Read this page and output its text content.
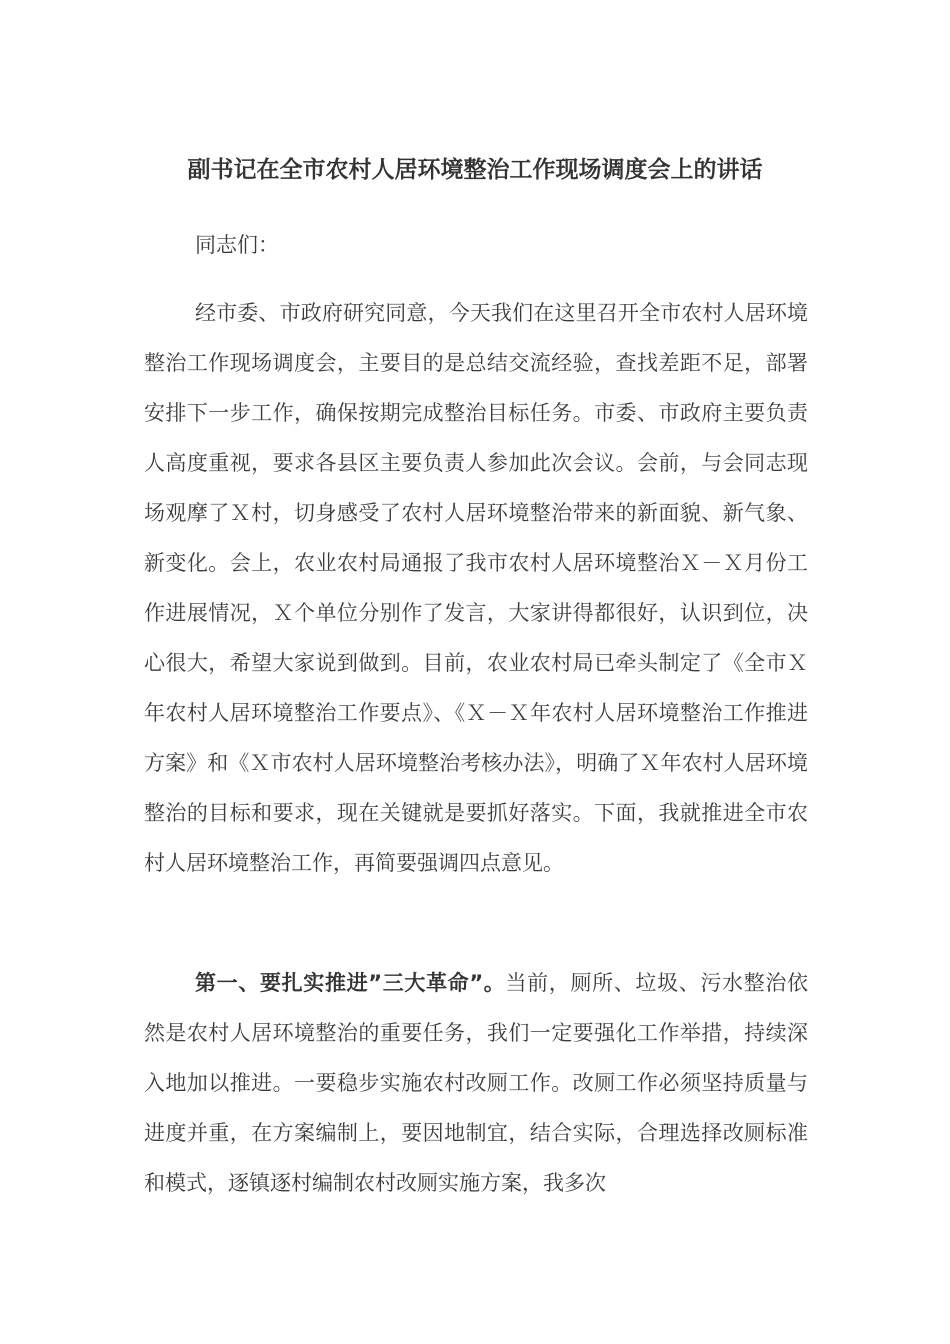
副书记在全市农村人居环境整治工作现场调度会上的讲话
同志们：
经市委、市政府研究同意，今天我们在这里召开全市农村人居环境整治工作现场调度会，主要目的是总结交流经验，查找差距不足，部署安排下一步工作，确保按期完成整治目标任务。市委、市政府主要负责人高度重视，要求各县区主要负责人参加此次会议。会前，与会同志现场观摩了Ｘ村，切身感受了农村人居环境整治带来的新面貌、新气象、新变化。会上，农业农村局通报了我市农村人居环境整治Ｘ－Ｘ月份工作进展情况，Ｘ个单位分别作了发言，大家讲得都很好，认识到位，决心很大，希望大家说到做到。目前，农业农村局已牵头制定了《全市Ｘ年农村人居环境整治工作要点》、《Ｘ－Ｘ年农村人居环境整治工作推进方案》和《Ｘ市农村人居环境整治考核办法》，明确了Ｘ年农村人居环境整治的目标和要求，现在关键就是要抓好落实。下面，我就推进全市农村人居环境整治工作，再简要强调四点意见。
第一、要扎实推进”三大革命”。当前，厕所、垃圾、污水整治依然是农村人居环境整治的重要任务，我们一定要强化工作举措，持续深入地加以推进。一要稳步实施农村改厕工作。改厕工作必须坚持质量与进度并重，在方案编制上，要因地制宜，结合实际，合理选择改厕标准和模式，逐镇逐村编制农村改厕实施方案，我多次
